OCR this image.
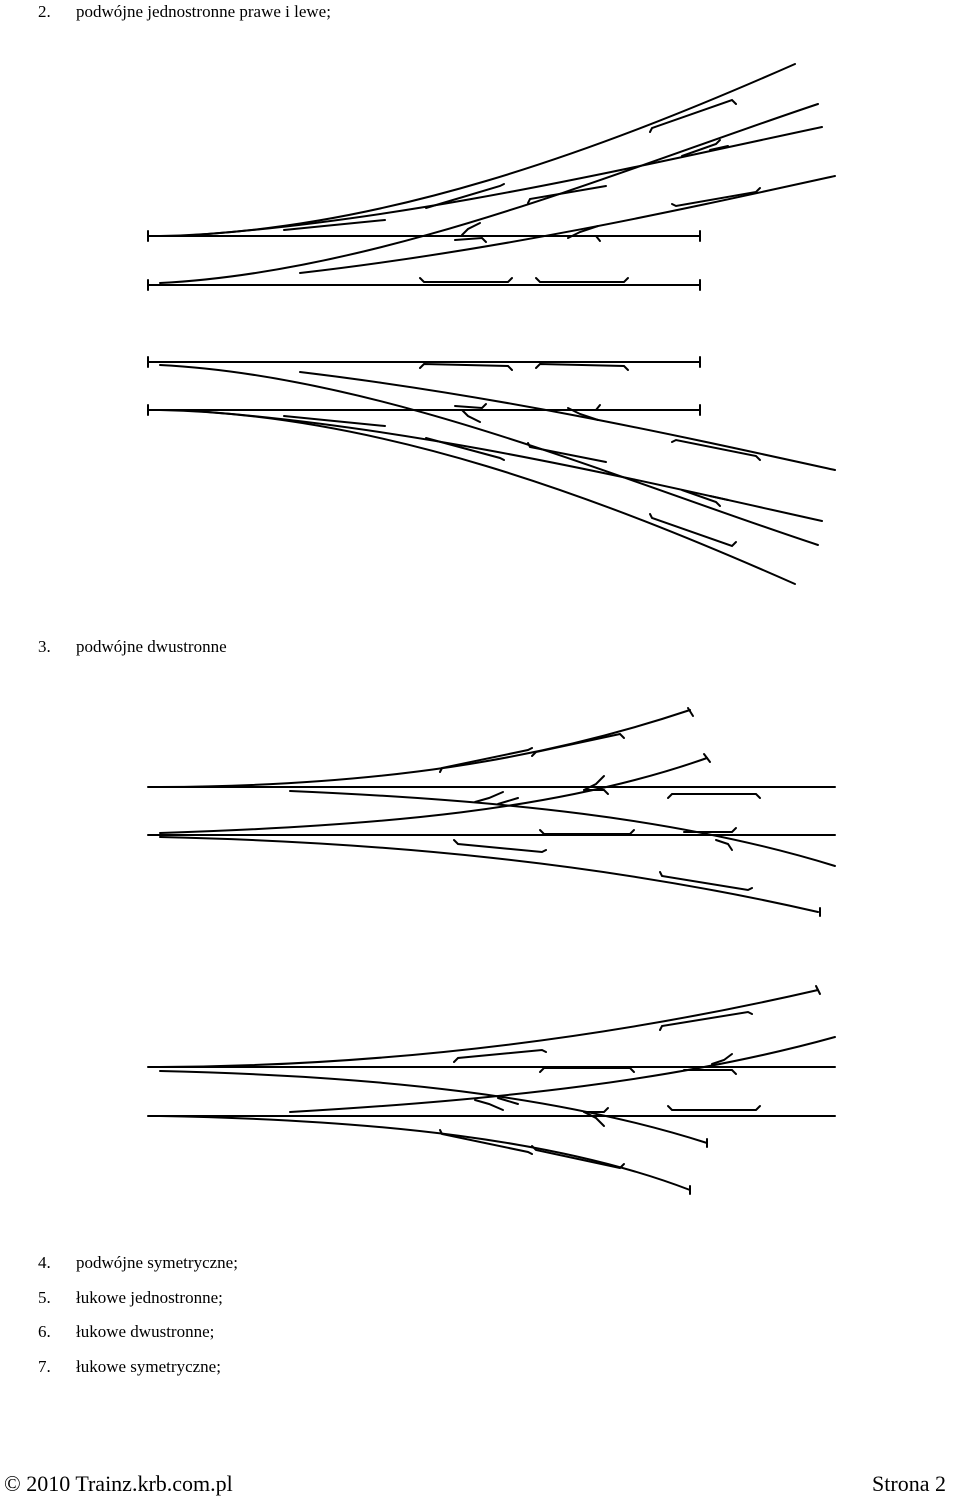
2. podwójne jednostronne prawe i lewe;
3. podwójne dwustronne
4. podwójne symetryczne;
5. łukowe jednostronne;
6. łukowe dwustronne;
7. łukowe symetryczne;
© 2010 Trainz.krb.com.pl	Strona 2
